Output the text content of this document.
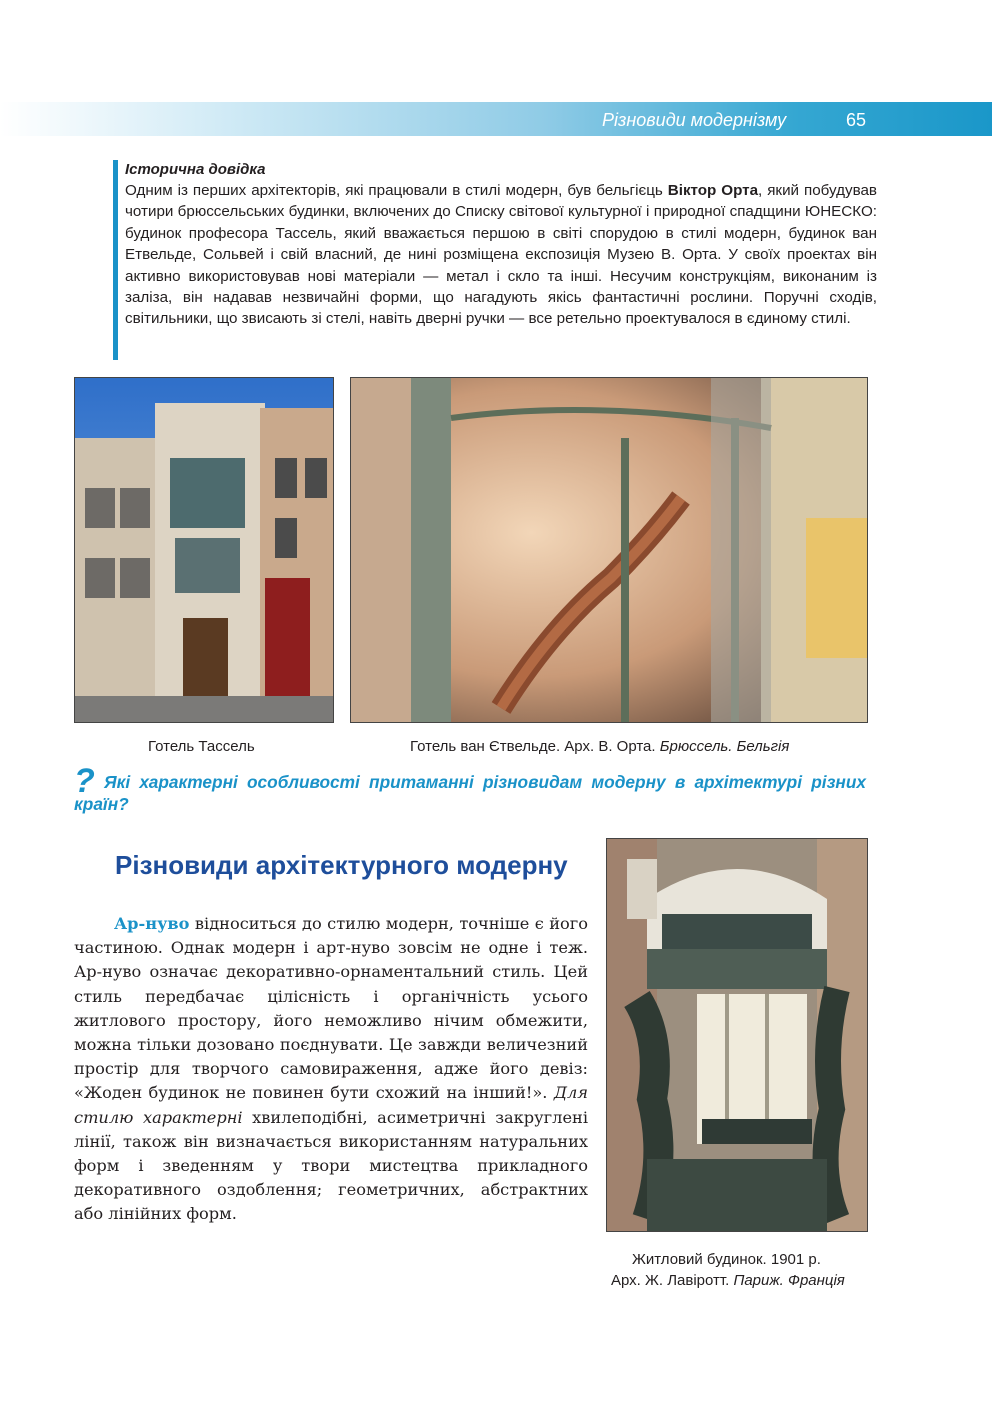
Різновиди модернізму	65
Історична довідка
Одним із перших архітекторів, які працювали в стилі модерн, був бельгієць Віктор Орта, який побудував чотири брюссельських будинки, включених до Списку світової культурної і природної спадщини ЮНЕСКО: будинок професора Тассель, який вважається першою в світі спорудою в стилі модерн, будинок ван Етвельде, Сольвей і свій власний, де нині розміщена експозиція Музею В. Орта. У своїх проектах він активно використовував нові матеріали — метал і скло та інші. Несучим конструкціям, виконаним із заліза, він надавав незвичайні форми, що нагадують якісь фантастичні рослини. Поручні сходів, світильники, що звисають зі стелі, навіть дверні ручки — все ретельно проектувалося в єдиному стилі.
Готель Тассель	Готель ван Єтвельде. Арх. В. Орта. Брюссель. Бельгія
? Які характерні особливості притаманні різновидам модерну в архітектурі різних країн?
Різновиди архітектурного модерну
Ар-нуво відноситься до стилю модерн, точніше є його частиною. Однак модерн і арт-нуво зовсім не одне і теж. Ар-нуво означає декоративно-орнаментальний стиль. Цей стиль передбачає цілісність і органічність усього житлового простору, його неможливо нічим обмежити, можна тільки дозовано поєднувати. Це завжди величезний простір для творчого самовираження, адже його девіз: «Жоден будинок не повинен бути схожий на інший!». Для стилю характерні хвилеподібні, асиметричні закруглені лінії, також він визначається використанням натуральних форм і зведенням у твори мистецтва прикладного декоративного оздоблення; геометричних, абстрактних або лінійних форм.
Житловий будинок. 1901 р.
Арх. Ж. Лавіротт. Париж. Франція
